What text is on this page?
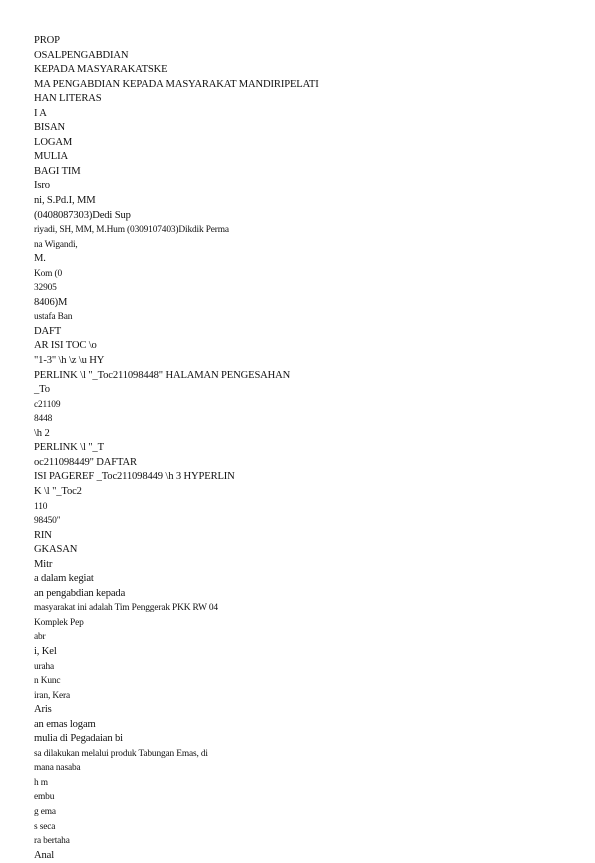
PROP
OSALPENGABDIAN
KEPADA MASYARAKATSKE
MA PENGABDIAN KEPADA MASYARAKAT MANDIRIPELATI
HAN LITERAS
I A
BISAN
LOGAM
MULIA
BAGI TIM
Isro
ni, S.Pd.I, MM
(0408087303)Dedi Sup
riyadi, SH, MM, M.Hum (0309107403)Dikdik Perma
na Wigandi,
M.
Kom (0
32905
8406)M
ustafa Ban
DAFT
AR ISI TOC \o
"1-3" \h \z \u HY
PERLINK \l "_Toc211098448" HALAMAN PENGESAHAN
_To
c21109
8448
\h 2
PERLINK \l "_T
oc211098449" DAFTAR
ISI PAGEREF _Toc211098449 \h 3 HYPERLIN
K \l "_Toc2
110
98450"
RIN
GKASAN
Mitr
a dalam kegiat
an pengabdian kepada
masyarakat ini adalah Tim Penggerak PKK RW 04
Komplek Pep
abr
i, Kel
uraha
n Kunc
iran, Kera
Aris
an emas logam
mulia di Pegadaian bi
sa dilakukan melalui produk Tabungan Emas, di
mana nasaba
h m
embu
g ema
s seca
ra bertaha
Anal
